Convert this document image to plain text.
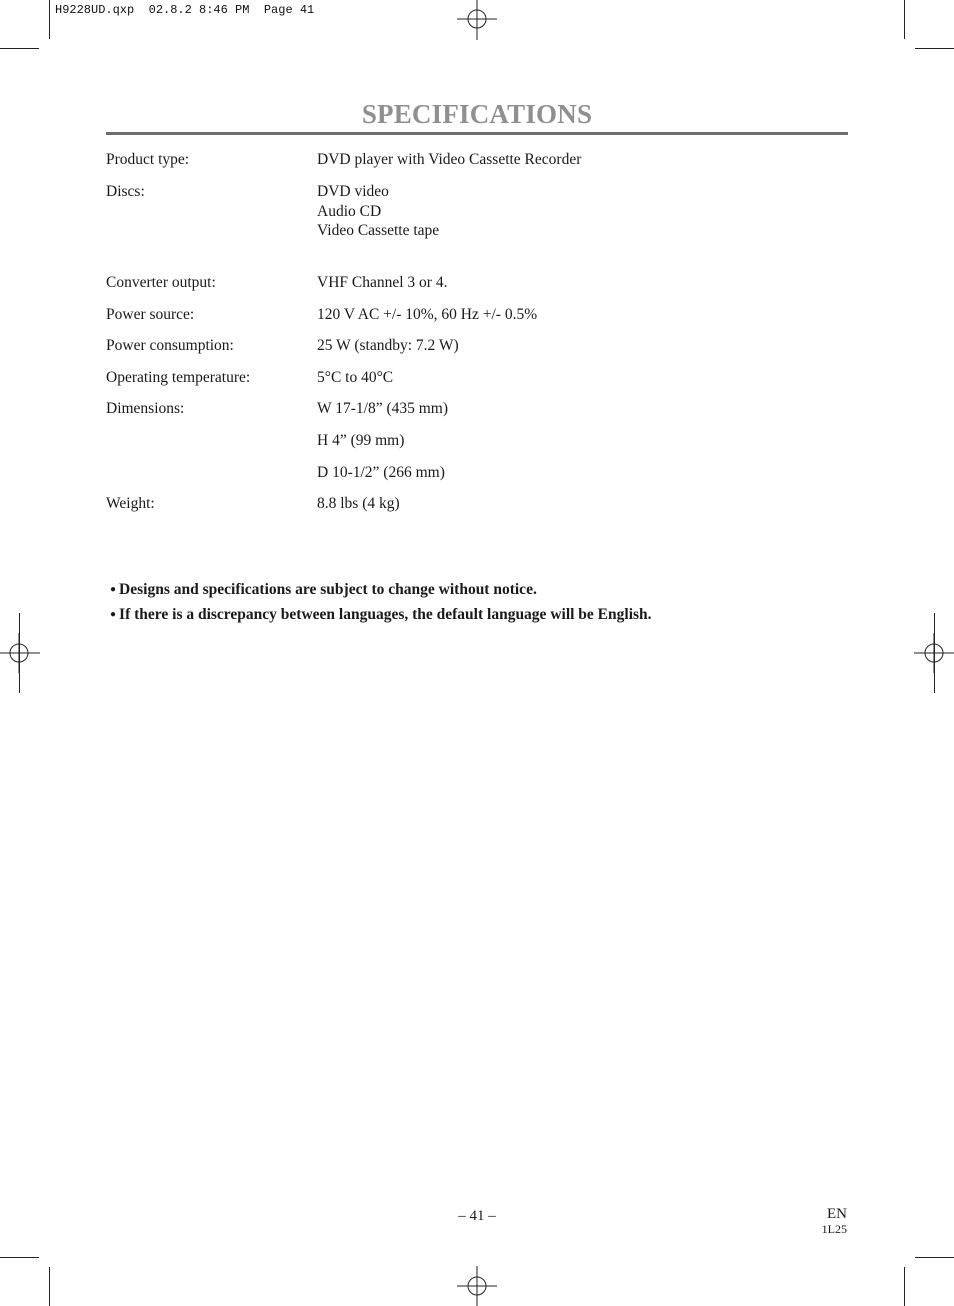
H9228UD.qxp  02.8.2 8:46 PM  Page 41
SPECIFICATIONS
Product type:	DVD player with Video Cassette Recorder
Discs:	DVD video
Audio CD
Video Cassette tape
Converter output:	VHF Channel 3 or 4.
Power source:	120 V AC +/- 10%, 60 Hz +/- 0.5%
Power consumption:	25 W (standby: 7.2 W)
Operating temperature:	5°C to 40°C
Dimensions:	W 17-1/8” (435 mm)
H 4” (99 mm)
D 10-1/2” (266 mm)
Weight:	8.8 lbs (4 kg)
● Designs and specifications are subject to change without notice.
● If there is a discrepancy between languages, the default language will be English.
– 41 –	EN
1L25
